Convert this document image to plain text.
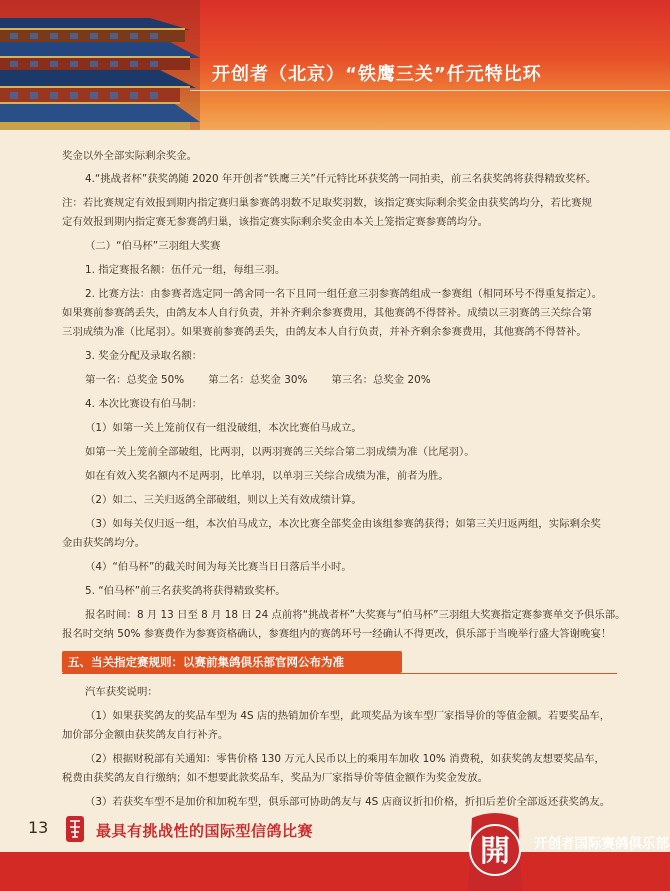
开创者（北京）“铁鹰三关”仟元特比环
奖金以外全部实际剩余奖金。
4.“挑战者杯”获奖鸽随 2020 年开创者“铁鹰三关”仟元特比环获奖鸽一同拍卖，前三名获奖鸽将获得精致奖杯。
注：若比赛规定有效报到期内指定赛归巢参赛鸽羽数不足取奖羽数，该指定赛实际剩余奖金由获奖鸽均分，若比赛规
定有效报到期内指定赛无参赛鸽归巢，该指定赛实际剩余奖金由本关上笼指定赛参赛鸽均分。
（二）“伯马杯”三羽组大奖赛
1. 指定赛报名额：伍仟元一组，每组三羽。
2. 比赛方法：由参赛者选定同一鸽舍同一名下且同一组任意三羽参赛鸽组成一参赛组（相同环号不得重复指定）。
如果赛前参赛鸽丢失，由鸽友本人自行负责，并补齐剩余参赛费用，其他赛鸽不得替补。成绩以三羽赛鸽三关综合第
三羽成绩为准（比尾羽）。如果赛前参赛鸽丢失，由鸽友本人自行负责，并补齐剩余参赛费用，其他赛鸽不得替补。
3. 奖金分配及录取名额：
第一名：总奖金 50%　　 第二名：总奖金 30%　　 第三名：总奖金 20%
4. 本次比赛设有伯马制：
（1）如第一关上笼前仅有一组没破组，本次比赛伯马成立。
如第一关上笼前全部破组，比两羽，以两羽赛鸽三关综合第二羽成绩为准（比尾羽）。
如在有效入奖名额内不足两羽，比单羽，以单羽三关综合成绩为准，前者为胜。
（2）如二、三关归返鸽全部破组，则以上关有效成绩计算。
（3）如每关仅归返一组，本次伯马成立，本次比赛全部奖金由该组参赛鸽获得；如第三关归返两组，实际剩余奖
金由获奖鸽均分。
（4）“伯马杯”的截关时间为每关比赛当日日落后半小时。
5. “伯马杯”前三名获奖鸽将获得精致奖杯。
报名时间：8 月 13 日至 8 月 18 日 24 点前将“挑战者杯”大奖赛与“伯马杯”三羽组大奖赛指定赛参赛单交予俱乐部。
报名时交纳 50% 参赛费作为参赛资格确认，参赛组内的赛鸽环号一经确认不得更改，俱乐部于当晚举行盛大答谢晚宴！
五、当关指定赛规则：以赛前集鸽俱乐部官网公布为准
汽车获奖说明：
（1）如果获奖鸽友的奖品车型为 4S 店的热销加价车型，此项奖品为该车型厂家指导价的等值金额。若要奖品车，
加价部分金额由获奖鸽友自行补齐。
（2）根据财税部有关通知：零售价格 130 万元人民币以上的乘用车加收 10% 消费税，如获奖鸽友想要奖品车，
税费由获奖鸽友自行缴纳；如不想要此款奖品车，奖品为厂家指导价等值金额作为奖金发放。
（3）若获奖车型不是加价和加税车型，俱乐部可协助鸽友与 4S 店商议折扣价格，折扣后差价全部返还获奖鸽友。
13	最具有挑战性的国际型信鸽比赛
開 开创者国际赛鸽俱乐部
